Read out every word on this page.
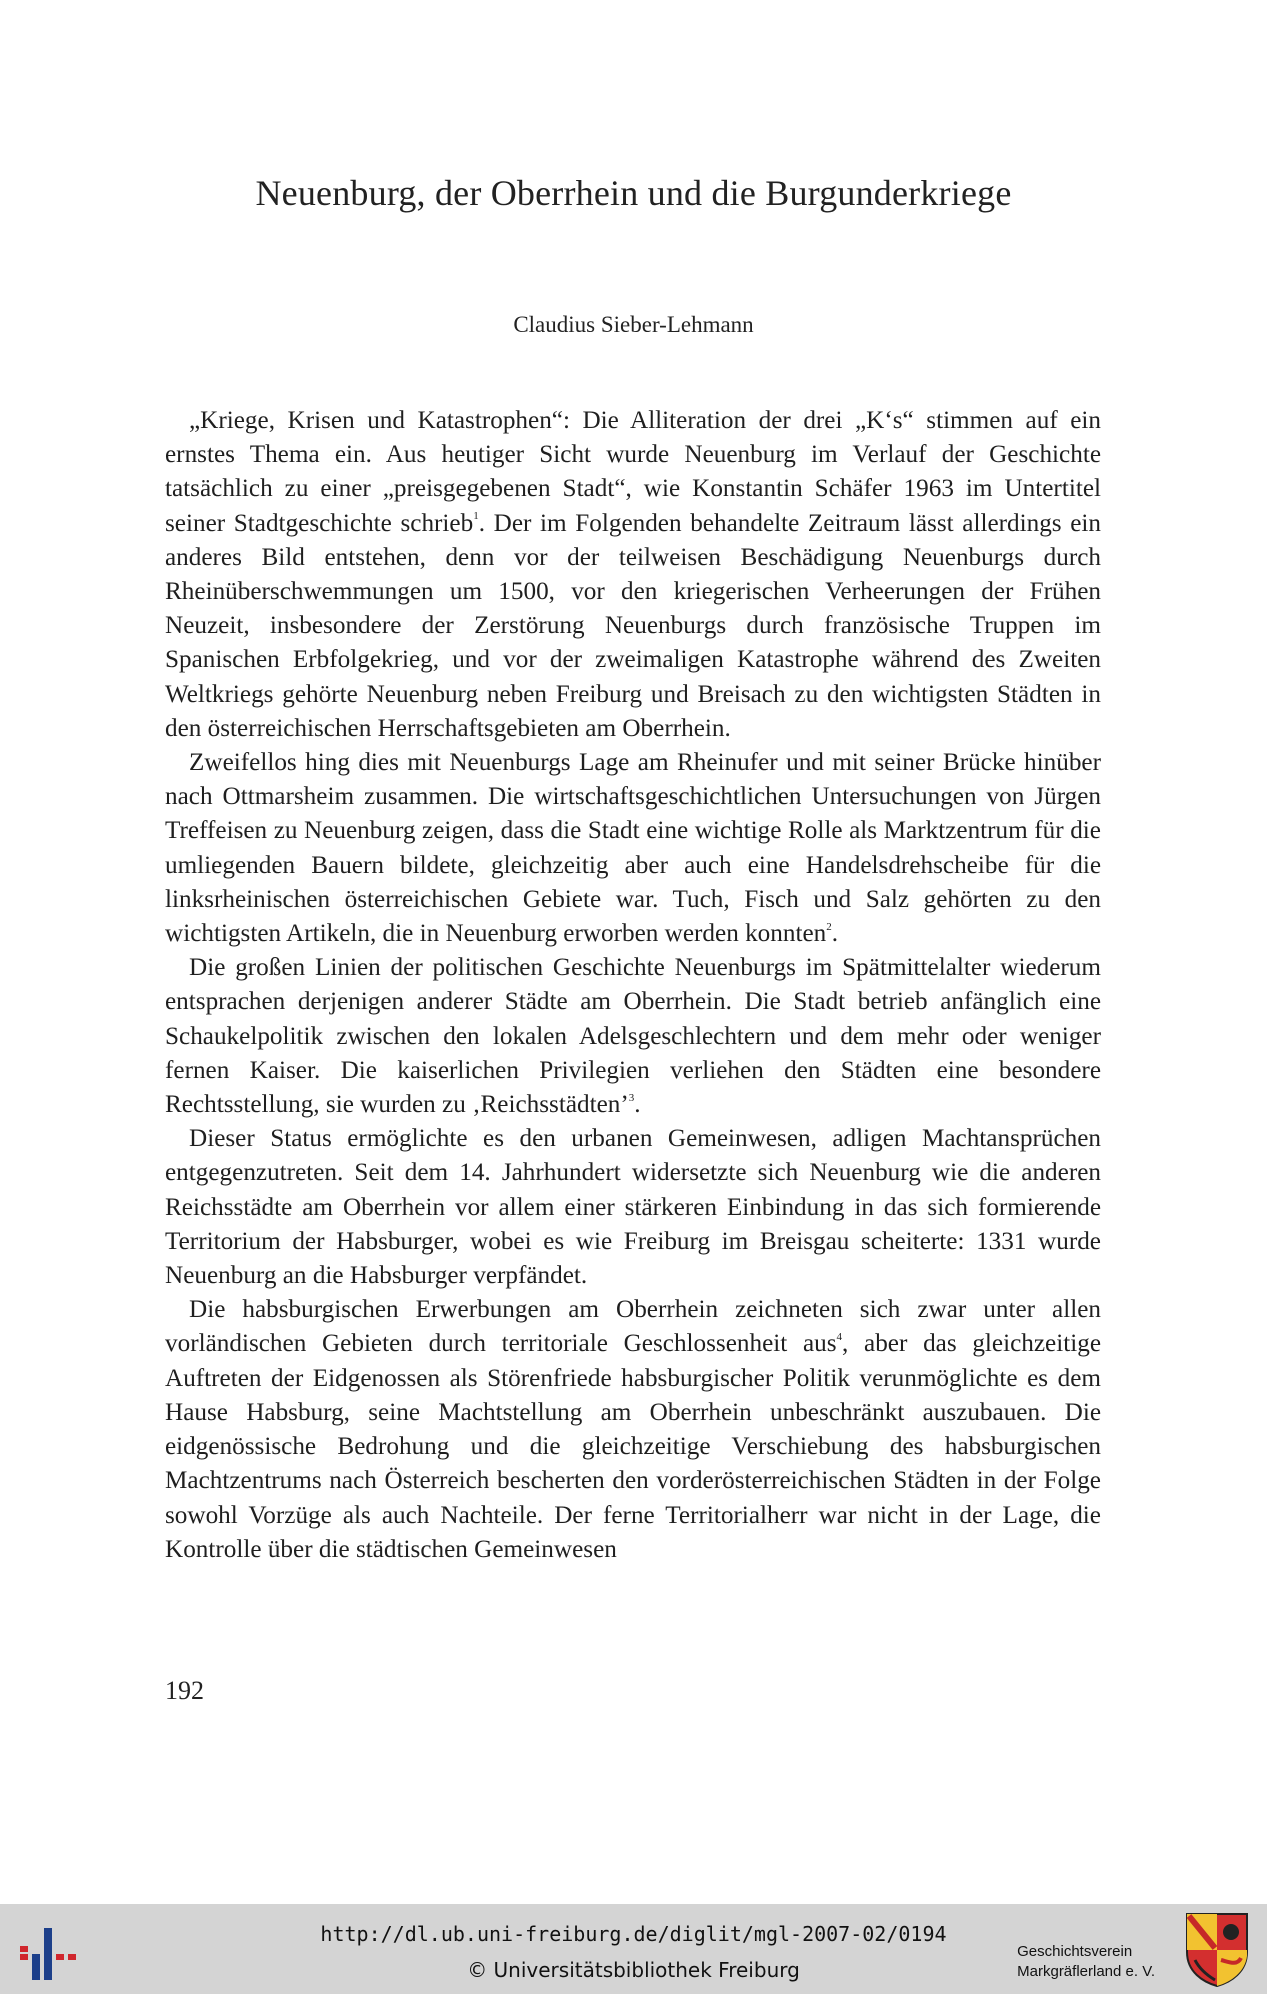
Neuenburg, der Oberrhein und die Burgunderkriege
Claudius Sieber-Lehmann

„Kriege, Krisen und Katastrophen“: Die Alliteration der drei „K‘s“ stimmen auf ein ernstes Thema ein. Aus heutiger Sicht wurde Neuenburg im Verlauf der Geschichte tatsächlich zu einer „preisgegebenen Stadt“, wie Konstantin Schäfer 1963 im Untertitel seiner Stadtgeschichte schrieb$^1$. Der im Folgenden behandelte Zeitraum lässt allerdings ein anderes Bild entstehen, denn vor der teilweisen Beschädigung Neuenburgs durch Rheinüberschwemmungen um 1500, vor den kriegerischen Verheerungen der Frühen Neuzeit, insbesondere der Zerstörung Neuenburgs durch französische Truppen im Spanischen Erbfolgekrieg, und vor der zweimaligen Katastrophe während des Zweiten Weltkriegs gehörte Neuenburg neben Freiburg und Breisach zu den wichtigsten Städten in den österreichischen Herrschaftsgebieten am Oberrhein.

Zweifellos hing dies mit Neuenburgs Lage am Rheinufer und mit seiner Brücke hinüber nach Ottmarsheim zusammen. Die wirtschaftsgeschichtlichen Untersuchungen von Jürgen Treffeisen zu Neuenburg zeigen, dass die Stadt eine wichtige Rolle als Marktzentrum für die umliegenden Bauern bildete, gleichzeitig aber auch eine Handelsdrehscheibe für die linksrheinischen österreichischen Gebiete war. Tuch, Fisch und Salz gehörten zu den wichtigsten Artikeln, die in Neuenburg erworben werden konnten$^2$.

Die großen Linien der politischen Geschichte Neuenburgs im Spätmittelalter wiederum entsprachen derjenigen anderer Städte am Oberrhein. Die Stadt betrieb anfänglich eine Schaukelpolitik zwischen den lokalen Adelsgeschlechtern und dem mehr oder weniger fernen Kaiser. Die kaiserlichen Privilegien verliehen den Städten eine besondere Rechtsstellung, sie wurden zu ‚Reichsstädten’$^3$.

Dieser Status ermöglichte es den urbanen Gemeinwesen, adligen Machtansprüchen entgegenzutreten. Seit dem 14. Jahrhundert widersetzte sich Neuenburg wie die anderen Reichsstädte am Oberrhein vor allem einer stärkeren Einbindung in das sich formierende Territorium der Habsburger, wobei es wie Freiburg im Breisgau scheiterte: 1331 wurde Neuenburg an die Habsburger verpfändet.

Die habsburgischen Erwerbungen am Oberrhein zeichneten sich zwar unter allen vorländischen Gebieten durch territoriale Geschlossenheit aus$^4$, aber das gleichzeitige Auftreten der Eidgenossen als Störenfriede habsburgischer Politik verunmöglichte es dem Hause Habsburg, seine Machtstellung am Oberrhein unbeschränkt auszubauen. Die eidgenössische Bedrohung und die gleichzeitige Verschiebung des habsburgischen Machtzentrums nach Österreich bescherten den vorderösterreichischen Städten in der Folge sowohl Vorzüge als auch Nachteile. Der ferne Territorialherr war nicht in der Lage, die Kontrolle über die städtischen Gemeinwesen

192
http://dl.ub.uni-freiburg.de/diglit/mgl-2007-02/0194
© Universitätsbibliothek Freiburg
Geschichtsverein
Markgräflerland e. V.
